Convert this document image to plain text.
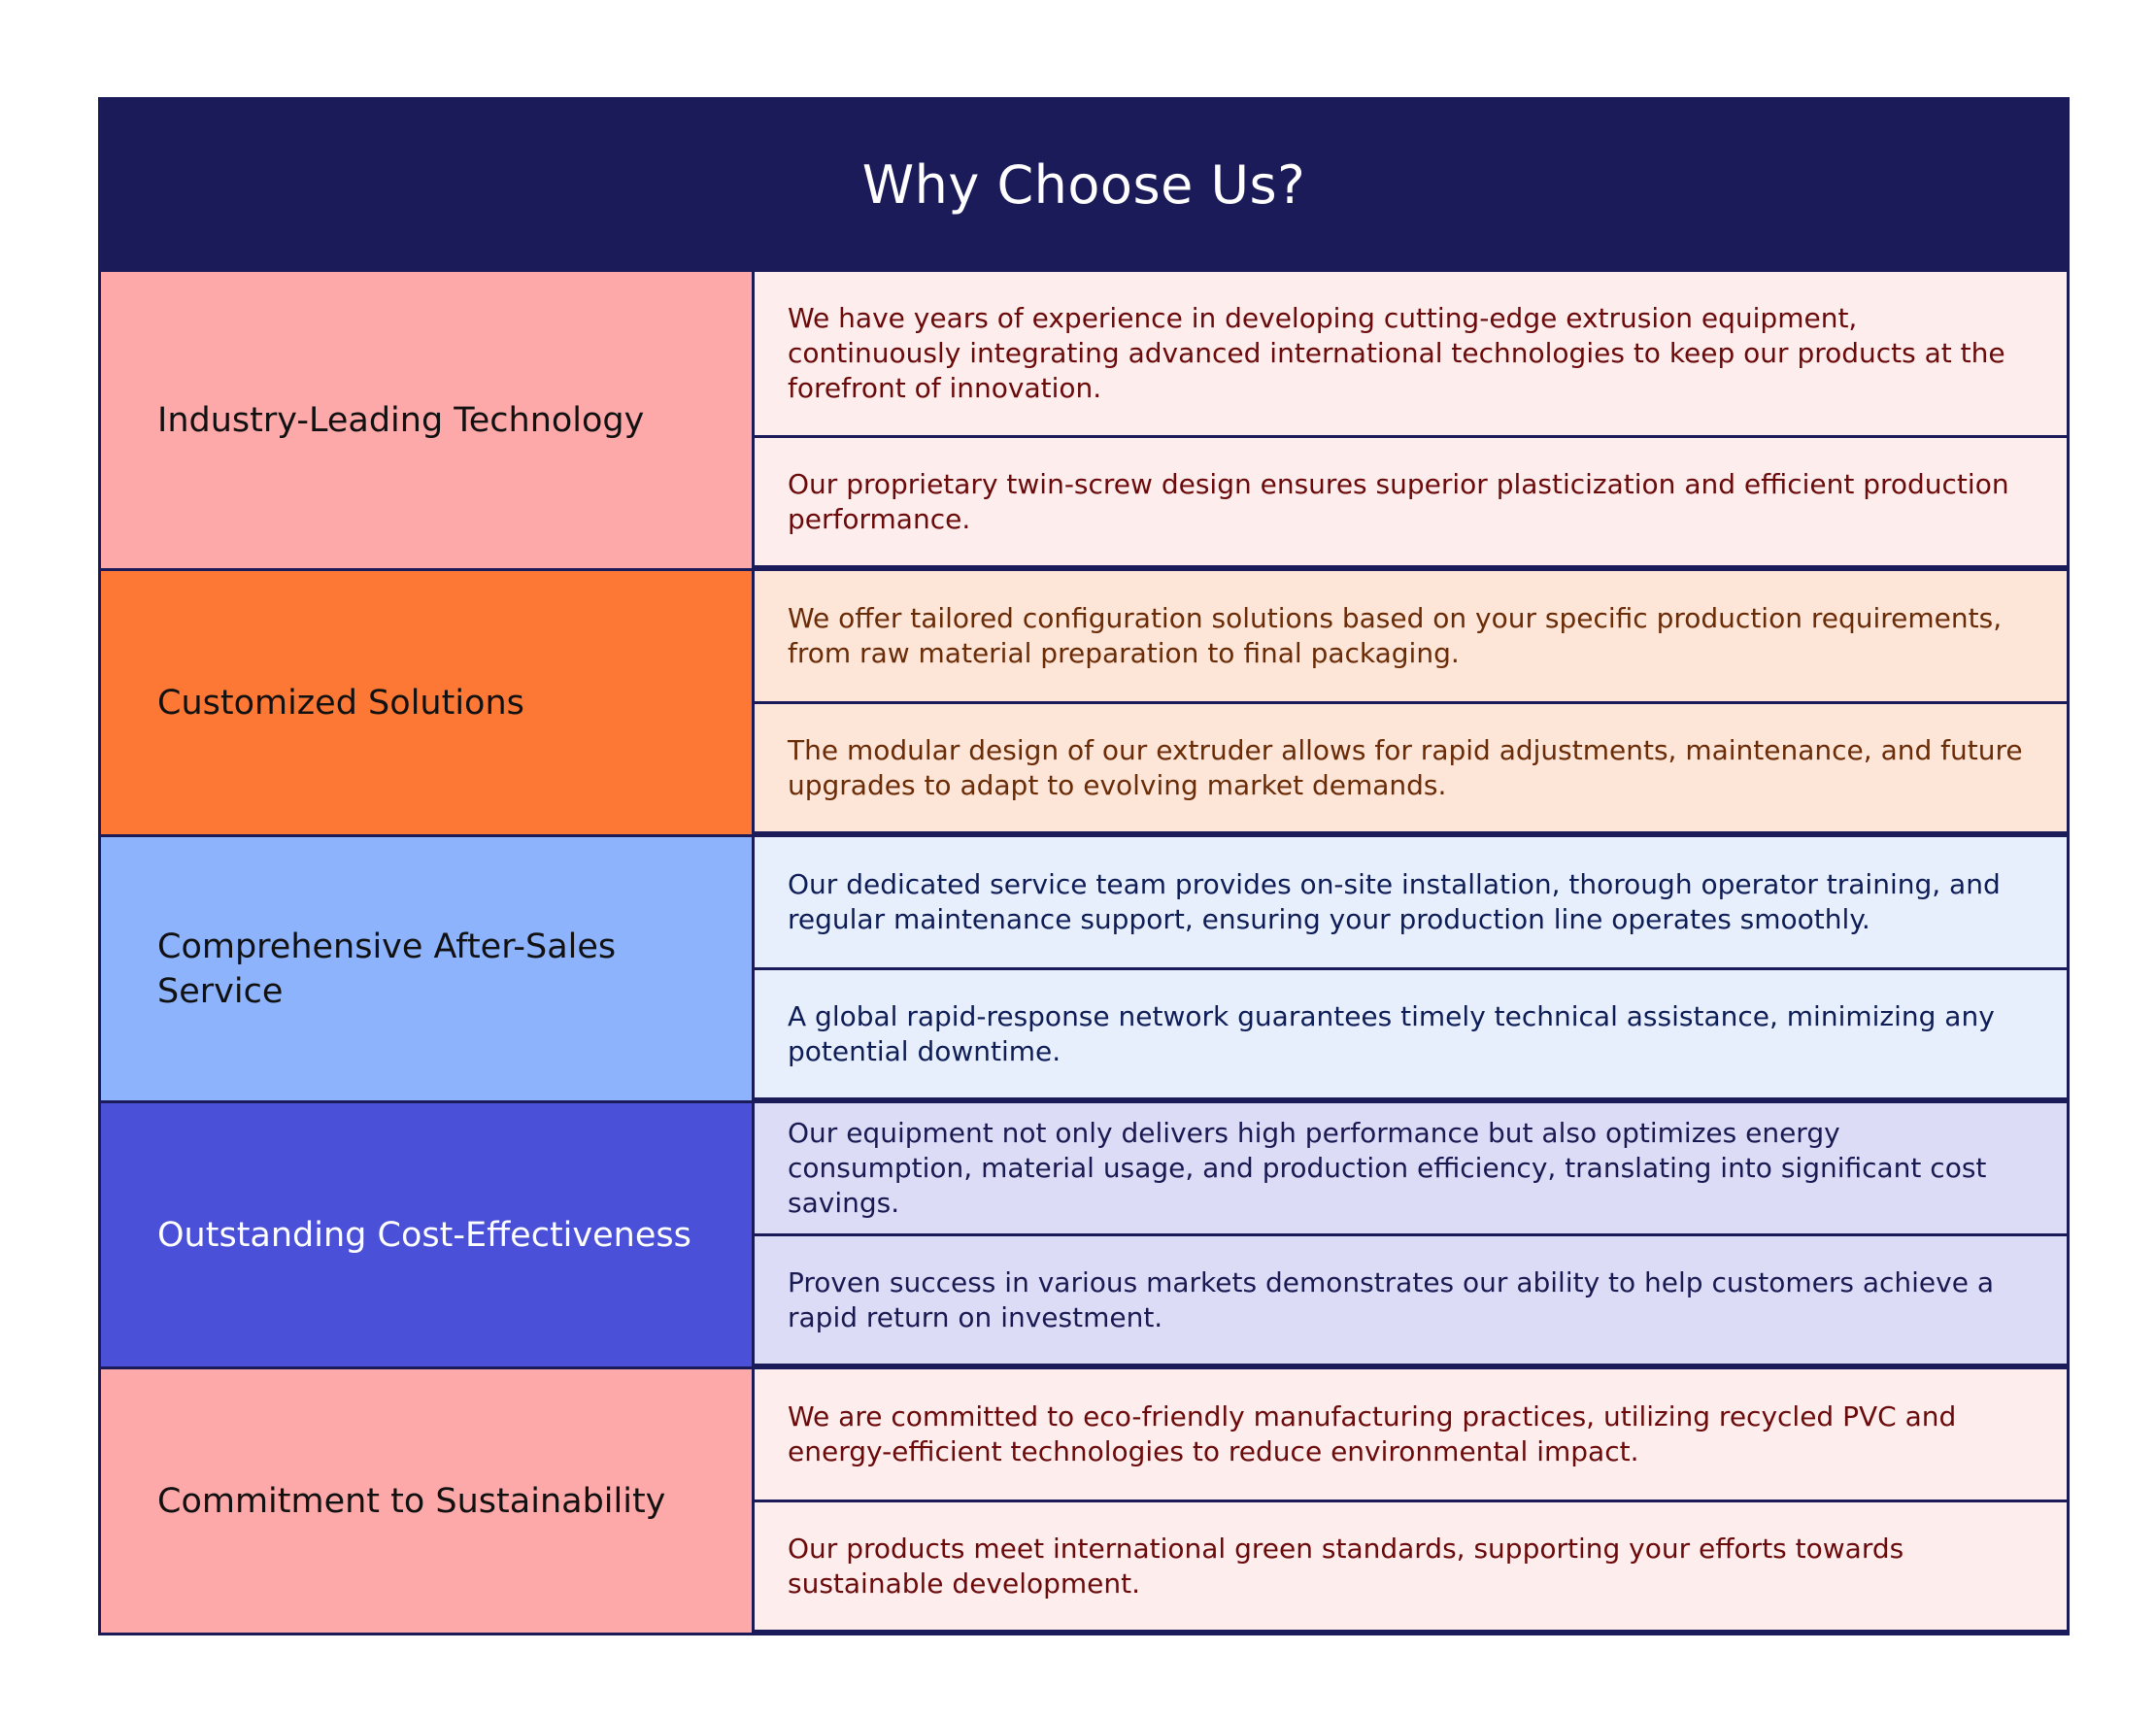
Why Choose Us?
Industry-Leading Technology
We have years of experience in developing cutting-edge extrusion equipment, continuously integrating advanced international technologies to keep our products at the forefront of innovation.
Our proprietary twin-screw design ensures superior plasticization and efficient production performance.
Customized Solutions
We offer tailored configuration solutions based on your specific production requirements, from raw material preparation to final packaging.
The modular design of our extruder allows for rapid adjustments, maintenance, and future upgrades to adapt to evolving market demands.
Comprehensive After-Sales Service
Our dedicated service team provides on-site installation, thorough operator training, and regular maintenance support, ensuring your production line operates smoothly.
A global rapid-response network guarantees timely technical assistance, minimizing any potential downtime.
Outstanding Cost-Effectiveness
Our equipment not only delivers high performance but also optimizes energy consumption, material usage, and production efficiency, translating into significant cost savings.
Proven success in various markets demonstrates our ability to help customers achieve a rapid return on investment.
Commitment to Sustainability
We are committed to eco-friendly manufacturing practices, utilizing recycled PVC and energy-efficient technologies to reduce environmental impact.
Our products meet international green standards, supporting your efforts towards sustainable development.
